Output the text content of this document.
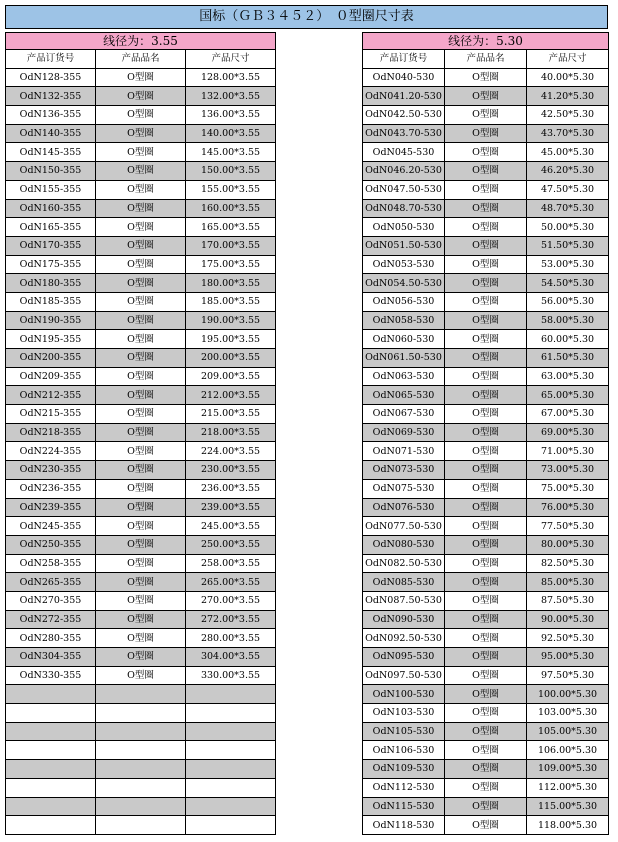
国标（ＧＢ３４５２）　０型圈尺寸表
线径为：3.55		
产品订货号	产品品名	产品尺寸
OdN128-355	O型圈	128.00*3.55
OdN132-355	O型圈	132.00*3.55
OdN136-355	O型圈	136.00*3.55
OdN140-355	O型圈	140.00*3.55
OdN145-355	O型圈	145.00*3.55
OdN150-355	O型圈	150.00*3.55
OdN155-355	O型圈	155.00*3.55
OdN160-355	O型圈	160.00*3.55
OdN165-355	O型圈	165.00*3.55
OdN170-355	O型圈	170.00*3.55
OdN175-355	O型圈	175.00*3.55
OdN180-355	O型圈	180.00*3.55
OdN185-355	O型圈	185.00*3.55
OdN190-355	O型圈	190.00*3.55
OdN195-355	O型圈	195.00*3.55
OdN200-355	O型圈	200.00*3.55
OdN209-355	O型圈	209.00*3.55
OdN212-355	O型圈	212.00*3.55
OdN215-355	O型圈	215.00*3.55
OdN218-355	O型圈	218.00*3.55
OdN224-355	O型圈	224.00*3.55
OdN230-355	O型圈	230.00*3.55
OdN236-355	O型圈	236.00*3.55
OdN239-355	O型圈	239.00*3.55
OdN245-355	O型圈	245.00*3.55
OdN250-355	O型圈	250.00*3.55
OdN258-355	O型圈	258.00*3.55
OdN265-355	O型圈	265.00*3.55
OdN270-355	O型圈	270.00*3.55
OdN272-355	O型圈	272.00*3.55
OdN280-355	O型圈	280.00*3.55
OdN304-355	O型圈	304.00*3.55
OdN330-355	O型圈	330.00*3.55

线径为：5.30		
产品订货号	产品品名	产品尺寸
OdN040-530	O型圈	40.00*5.30
OdN041.20-530	O型圈	41.20*5.30
OdN042.50-530	O型圈	42.50*5.30
OdN043.70-530	O型圈	43.70*5.30
OdN045-530	O型圈	45.00*5.30
OdN046.20-530	O型圈	46.20*5.30
OdN047.50-530	O型圈	47.50*5.30
OdN048.70-530	O型圈	48.70*5.30
OdN050-530	O型圈	50.00*5.30
OdN051.50-530	O型圈	51.50*5.30
OdN053-530	O型圈	53.00*5.30
OdN054.50-530	O型圈	54.50*5.30
OdN056-530	O型圈	56.00*5.30
OdN058-530	O型圈	58.00*5.30
OdN060-530	O型圈	60.00*5.30
OdN061.50-530	O型圈	61.50*5.30
OdN063-530	O型圈	63.00*5.30
OdN065-530	O型圈	65.00*5.30
OdN067-530	O型圈	67.00*5.30
OdN069-530	O型圈	69.00*5.30
OdN071-530	O型圈	71.00*5.30
OdN073-530	O型圈	73.00*5.30
OdN075-530	O型圈	75.00*5.30
OdN076-530	O型圈	76.00*5.30
OdN077.50-530	O型圈	77.50*5.30
OdN080-530	O型圈	80.00*5.30
OdN082.50-530	O型圈	82.50*5.30
OdN085-530	O型圈	85.00*5.30
OdN087.50-530	O型圈	87.50*5.30
OdN090-530	O型圈	90.00*5.30
OdN092.50-530	O型圈	92.50*5.30
OdN095-530	O型圈	95.00*5.30
OdN097.50-530	O型圈	97.50*5.30
OdN100-530	O型圈	100.00*5.30
OdN103-530	O型圈	103.00*5.30
OdN105-530	O型圈	105.00*5.30
OdN106-530	O型圈	106.00*5.30
OdN109-530	O型圈	109.00*5.30
OdN112-530	O型圈	112.00*5.30
OdN115-530	O型圈	115.00*5.30
OdN118-530	O型圈	118.00*5.30
